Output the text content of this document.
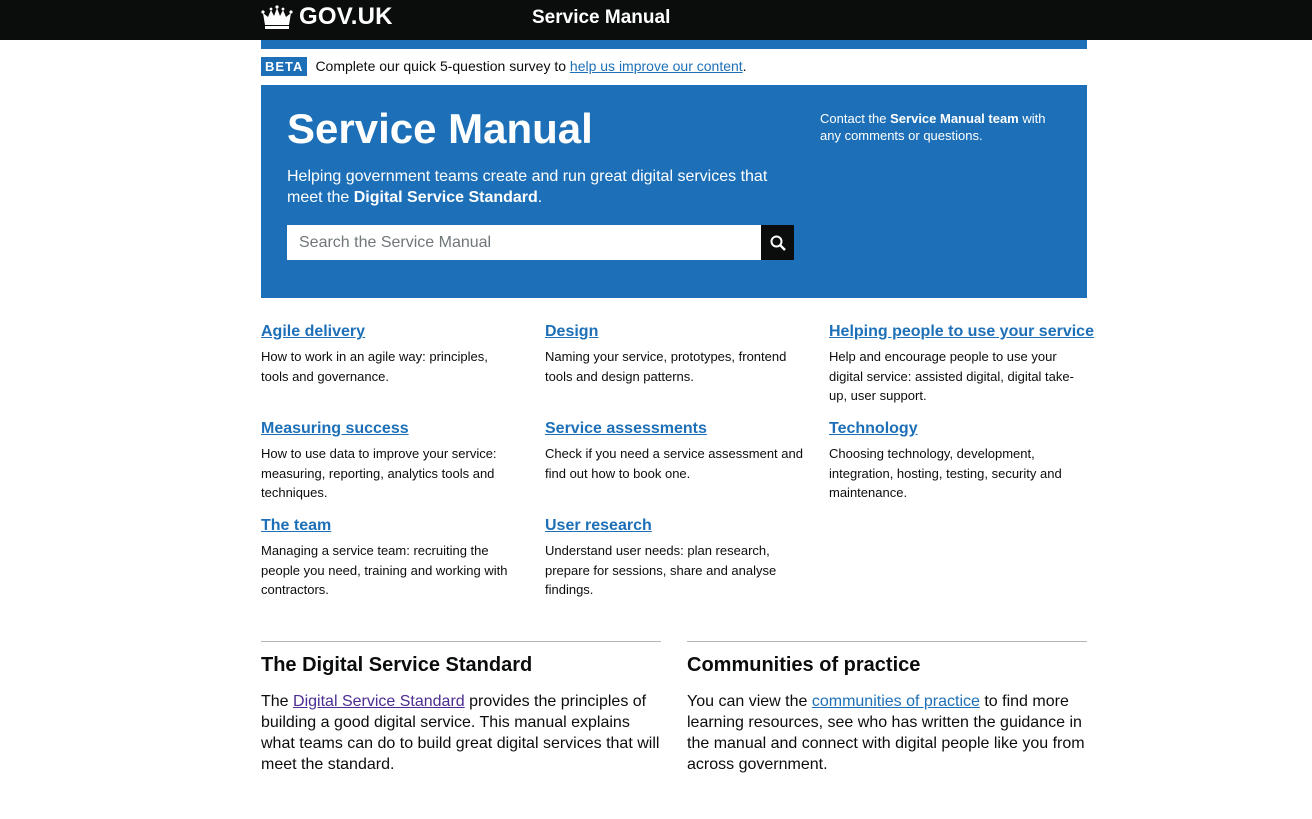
GOV.UK	Service Manual
BETA Complete our quick 5-question survey to
help us improve our content .
Service Manual

Helping government teams create and run great digital services that meet the Digital Service Standard.

Search the Service Manual

Contact the Service Manual team with any comments or questions.

Agile delivery

How to work in an agile way: principles, tools and governance.

Design

Naming your service, prototypes, frontend tools and design patterns.

Helping people to use your service

Help and encourage people to use your digital service: assisted digital, digital take-up, user support.

Measuring success

How to use data to improve your service: measuring, reporting, analytics tools and techniques.

Service assessments

Check if you need a service assessment and find out how to book one.

Technology

Choosing technology, development, integration, hosting, testing, security and maintenance.

The team

Managing a service team: recruiting the people you need, training and working with contractors.

User research

Understand user needs: plan research, prepare for sessions, share and analyse findings.

The Digital Service Standard

The Digital Service Standard provides the principles of building a good digital service. This manual explains what teams can do to build great digital services that will meet the standard.

Communities of practice

You can view the communities of practice to find more learning resources, see who has written the guidance in the manual and connect with digital people like you from across government.
